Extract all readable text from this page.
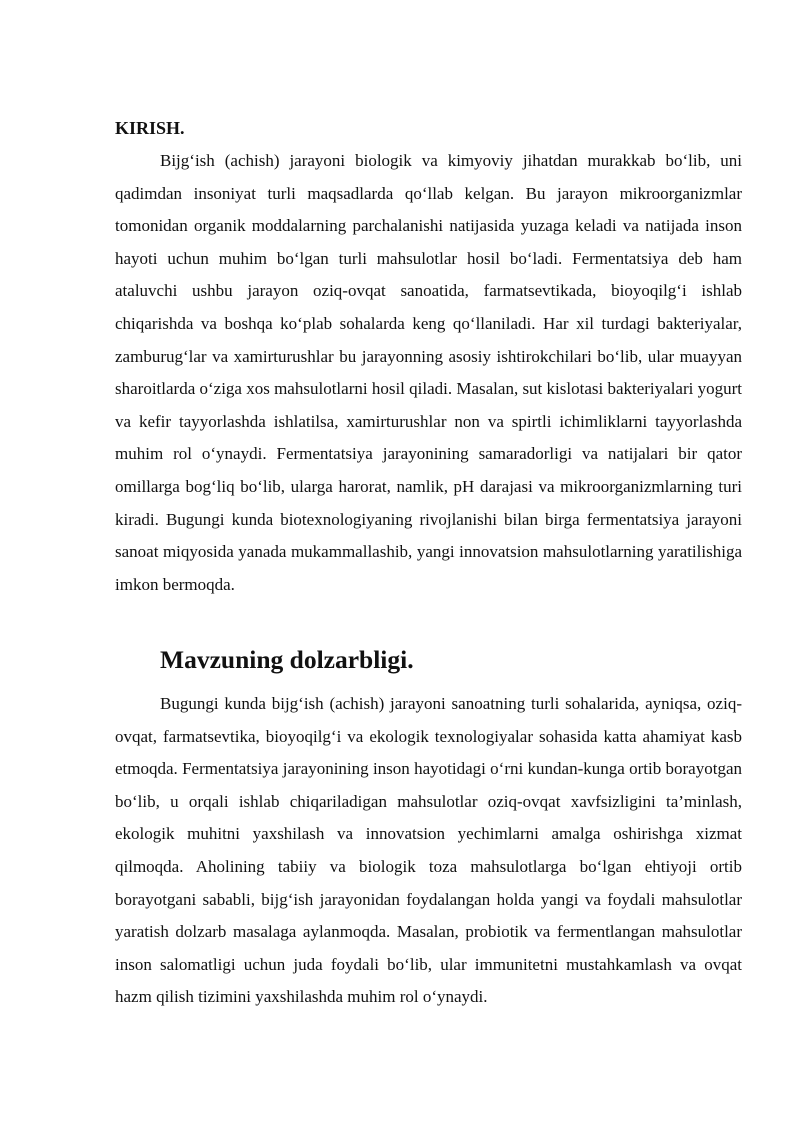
KIRISH.

Bijg‘ish (achish) jarayoni biologik va kimyoviy jihatdan murakkab bo‘lib, uni qadimdan insoniyat turli maqsadlarda qo‘llab kelgan. Bu jarayon mikroorganizmlar tomonidan organik moddalarning parchalanishi natijasida yuzaga keladi va natijada inson hayoti uchun muhim bo‘lgan turli mahsulotlar hosil bo‘ladi. Fermentatsiya deb ham ataluvchi ushbu jarayon oziq-ovqat sanoatida, farmatsevtikada, bioyoqilg‘i ishlab chiqarishda va boshqa ko‘plab sohalarda keng qo‘llaniladi. Har xil turdagi bakteriyalar, zamburug‘lar va xamirturushlar bu jarayonning asosiy ishtirokchilari bo‘lib, ular muayyan sharoitlarda o‘ziga xos mahsulotlarni hosil qiladi. Masalan, sut kislotasi bakteriyalari yogurt va kefir tayyorlashda ishlatilsa, xamirturushlar non va spirtli ichimliklarni tayyorlashda muhim rol o‘ynaydi. Fermentatsiya jarayonining samaradorligi va natijalari bir qator omillarga bog‘liq bo‘lib, ularga harorat, namlik, pH darajasi va mikroorganizmlarning turi kiradi. Bugungi kunda biotexnologiyaning rivojlanishi bilan birga fermentatsiya jarayoni sanoat miqyosida yanada mukammallashib, yangi innovatsion mahsulotlarning yaratilishiga imkon bermoqda.

Mavzuning dolzarbligi.

Bugungi kunda bijg‘ish (achish) jarayoni sanoatning turli sohalarida, ayniqsa, oziq-ovqat, farmatsevtika, bioyoqilg‘i va ekologik texnologiyalar sohasida katta ahamiyat kasb etmoqda. Fermentatsiya jarayonining inson hayotidagi o‘rni kundan-kunga ortib borayotgan bo‘lib, u orqali ishlab chiqariladigan mahsulotlar oziq-ovqat xavfsizligini ta’minlash, ekologik muhitni yaxshilash va innovatsion yechimlarni amalga oshirishga xizmat qilmoqda. Aholining tabiiy va biologik toza mahsulotlarga bo‘lgan ehtiyoji ortib borayotgani sababli, bijg‘ish jarayonidan foydalangan holda yangi va foydali mahsulotlar yaratish dolzarb masalaga aylanmoqda. Masalan, probiotik va fermentlangan mahsulotlar inson salomatligi uchun juda foydali bo‘lib, ular immunitetni mustahkamlash va ovqat hazm qilish tizimini yaxshilashda muhim rol o‘ynaydi.
